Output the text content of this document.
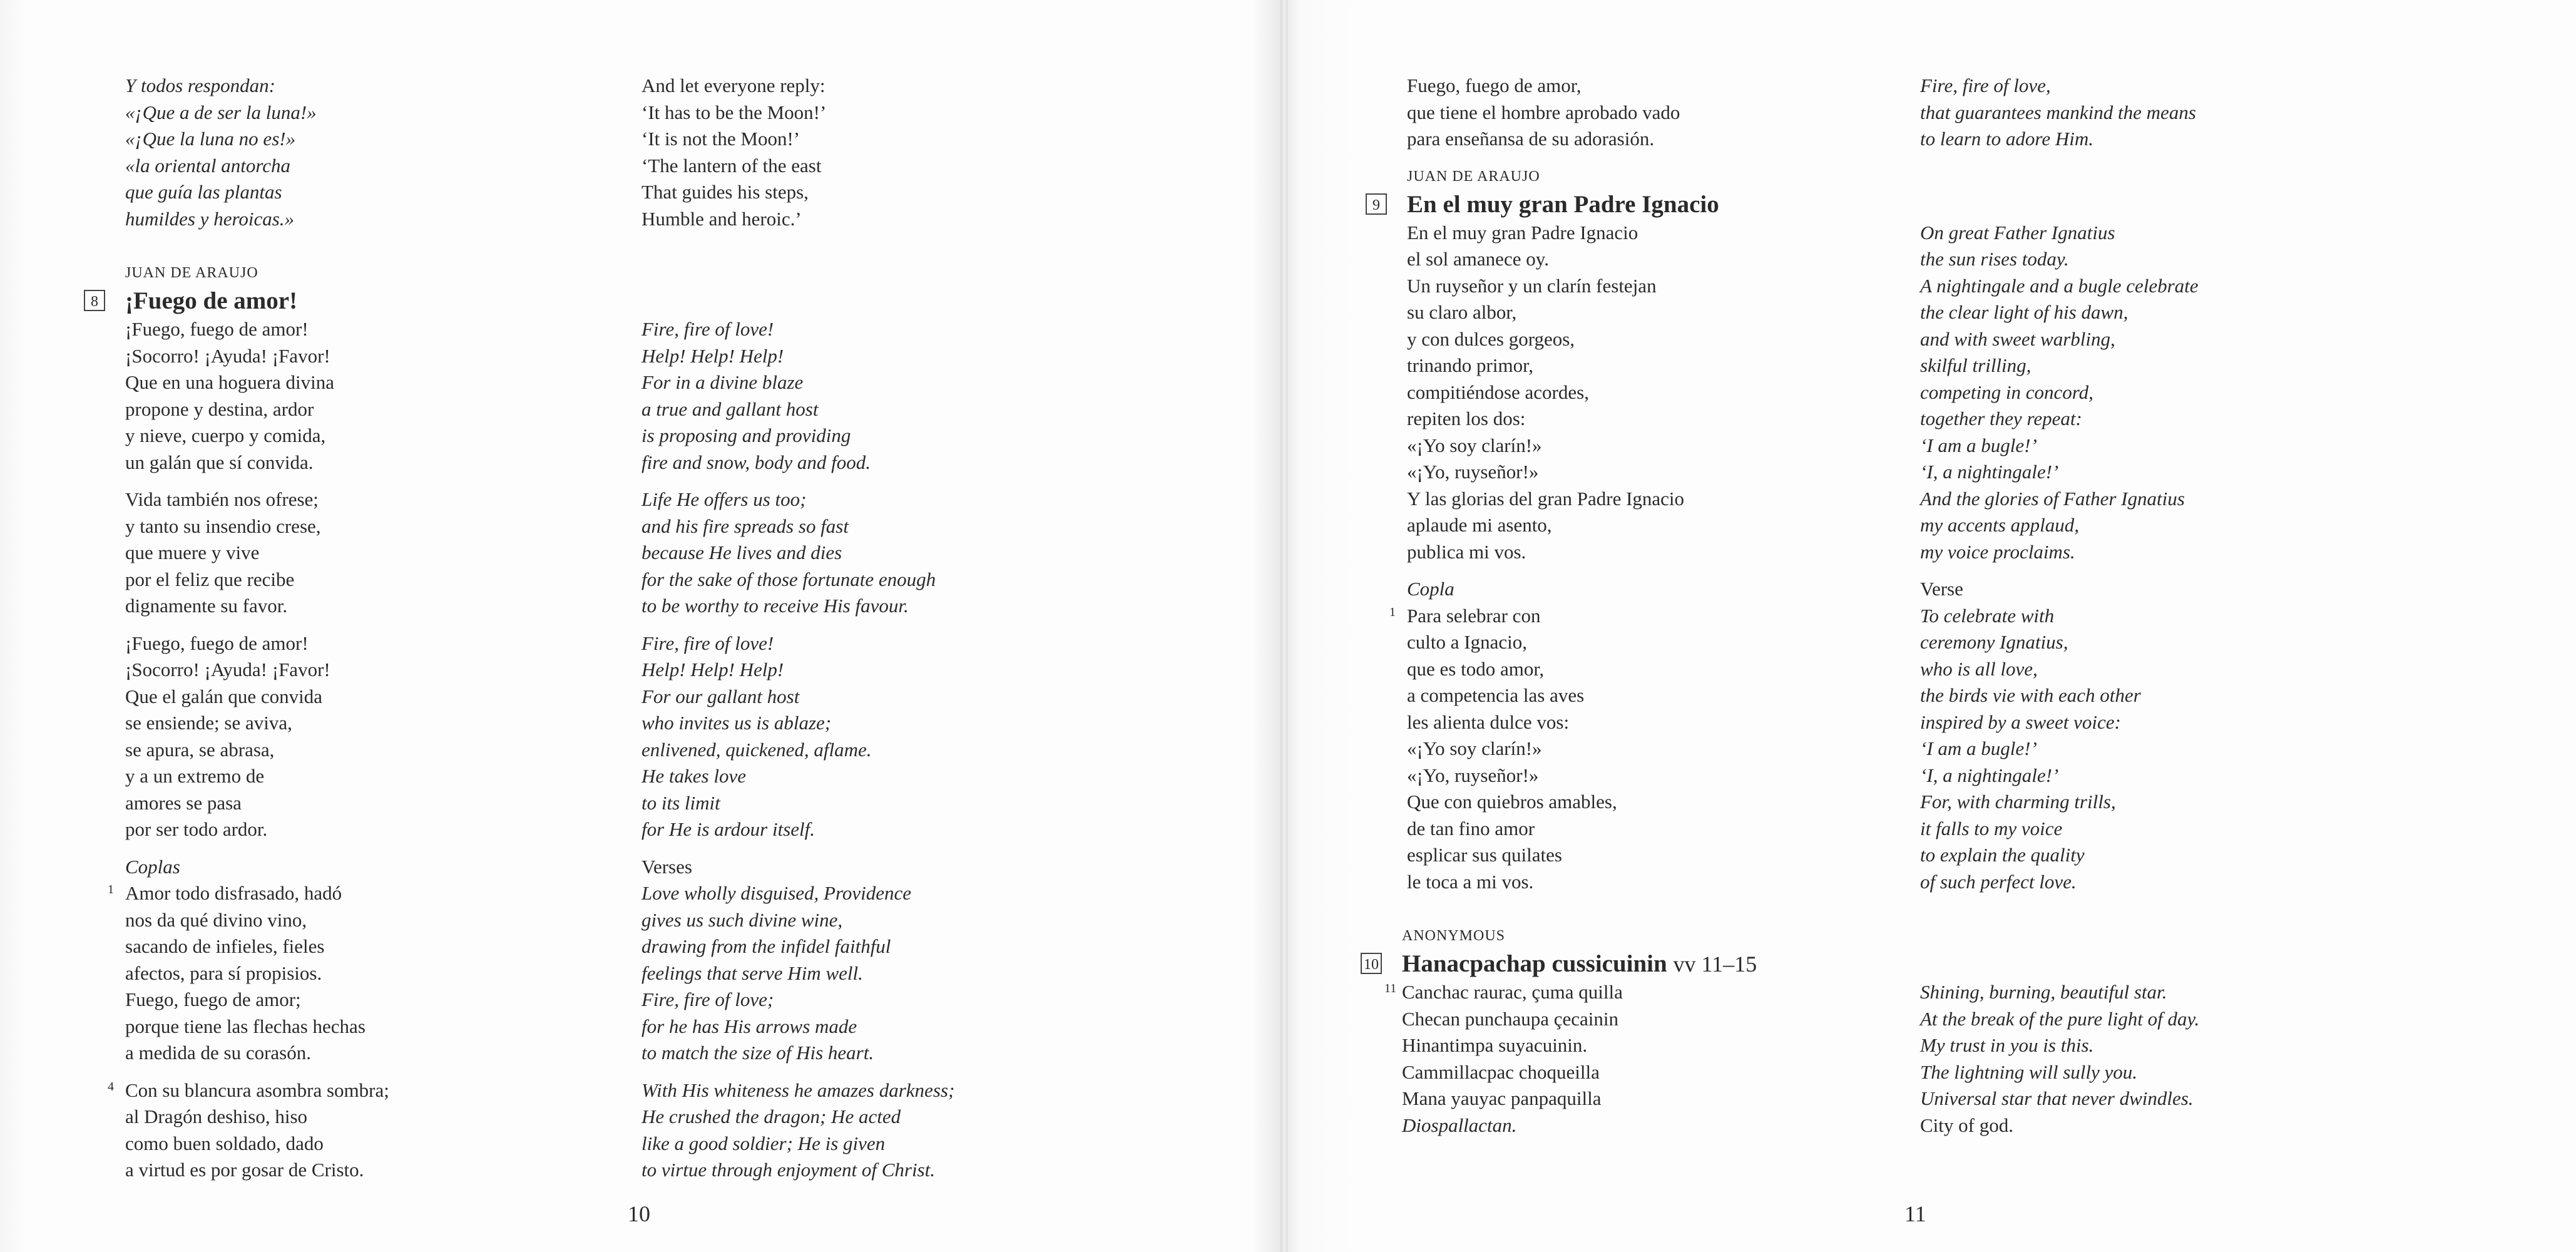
Y todos respondan:
«¡Que a de ser la luna!»
«¡Que la luna no es!»
«la oriental antorcha
que guía las plantas
humildes y heroicas.»
JUAN DE ARAUJO
8 ¡Fuego de amor!
¡Fuego, fuego de amor!
¡Socorro! ¡Ayuda! ¡Favor!
Que en una hoguera divina
propone y destina, ardor
y nieve, cuerpo y comida,
un galán que sí convida.
Vida también nos ofrese;
y tanto su insendio crese,
que muere y vive
por el feliz que recibe
dignamente su favor.
¡Fuego, fuego de amor!
¡Socorro! ¡Ayuda! ¡Favor!
Que el galán que convida
se ensiende; se aviva,
se apura, se abrasa,
y a un extremo de
amores se pasa
por ser todo ardor.
Coplas
1 Amor todo disfrasado, hadó
nos da qué divino vino,
sacando de infieles, fieles
afectos, para sí propisios.
Fuego, fuego de amor;
porque tiene las flechas hechas
a medida de su corasón.
4 Con su blancura asombra sombra;
al Dragón deshiso, hiso
como buen soldado, dado
a virtud es por gosar de Cristo.
And let everyone reply:
‘It has to be the Moon!’
‘It is not the Moon!’
‘The lantern of the east
That guides his steps,
Humble and heroic.’

Fire, fire of love!
Help! Help! Help!
For in a divine blaze
a true and gallant host
is proposing and providing
fire and snow, body and food.
Life He offers us too;
and his fire spreads so fast
because He lives and dies
for the sake of those fortunate enough
to be worthy to receive His favour.
Fire, fire of love!
Help! Help! Help!
For our gallant host
who invites us is ablaze;
enlivened, quickened, aflame.
He takes love
to its limit
for He is ardour itself.
Verses
Love wholly disguised, Providence
gives us such divine wine,
drawing from the infidel faithful
feelings that serve Him well.
Fire, fire of love;
for he has His arrows made
to match the size of His heart.
With His whiteness he amazes darkness;
He crushed the dragon; He acted
like a good soldier; He is given
to virtue through enjoyment of Christ.
Fuego, fuego de amor,
que tiene el hombre aprobado vado
para enseñansa de su adorasión.
JUAN DE ARAUJO
9 En el muy gran Padre Ignacio
En el muy gran Padre Ignacio
el sol amanece oy.
Un ruyseñor y un clarín festejan
su claro albor,
y con dulces gorgeos,
trinando primor,
compitiéndose acordes,
repiten los dos:
«¡Yo soy clarín!»
«¡Yo, ruyseñor!»
Y las glorias del gran Padre Ignacio
aplaude mi asento,
publica mi vos.
Copla
1 Para selebrar con
culto a Ignacio,
que es todo amor,
a competencia las aves
les alienta dulce vos:
«¡Yo soy clarín!»
«¡Yo, ruyseñor!»
Que con quiebros amables,
de tan fino amor
esplicar sus quilates
le toca a mi vos.
ANONYMOUS
10 Hanacpachap cussicuinin vv 11–15
11 Canchac raurac, çuma quilla
Checan punchaupa çecainin
Hinantimpa suyacuinin.
Cammillacpac choqueilla
Mana yauyac panpaquilla
Diospallactan.
Fire, fire of love,
that guarantees mankind the means
to learn to adore Him.

On great Father Ignatius
the sun rises today.
A nightingale and a bugle celebrate
the clear light of his dawn,
and with sweet warbling,
skilful trilling,
competing in concord,
together they repeat:
‘I am a bugle!’
‘I, a nightingale!’
And the glories of Father Ignatius
my accents applaud,
my voice proclaims.
Verse
To celebrate with
ceremony Ignatius,
who is all love,
the birds vie with each other
inspired by a sweet voice:
‘I am a bugle!’
‘I, a nightingale!’
For, with charming trills,
it falls to my voice
to explain the quality
of such perfect love.

Shining, burning, beautiful star.
At the break of the pure light of day.
My trust in you is this.
The lightning will sully you.
Universal star that never dwindles.
City of god.
10	11
